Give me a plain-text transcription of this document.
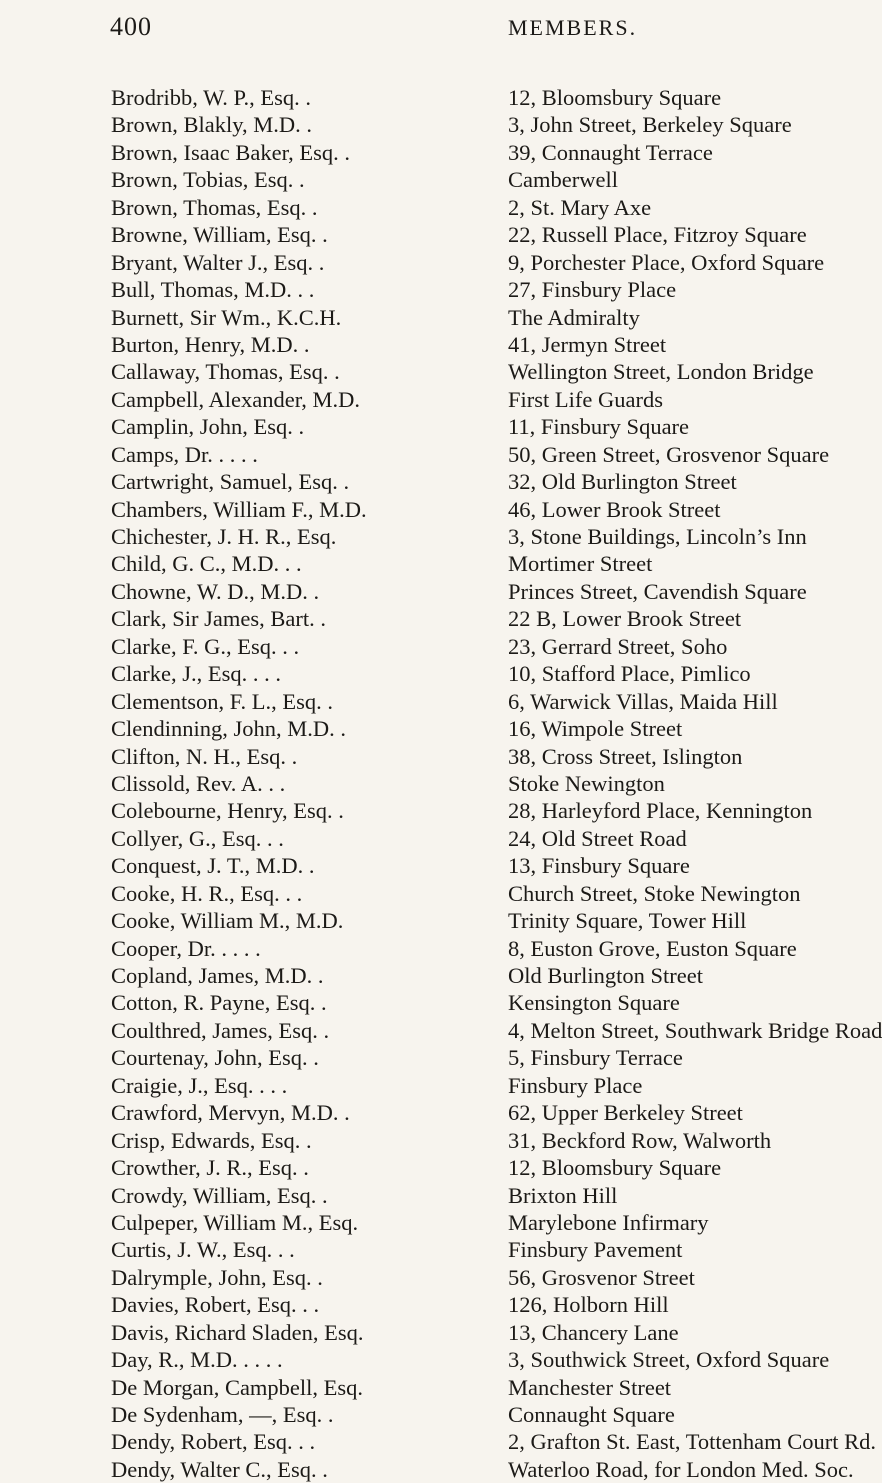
400	MEMBERS.
Brodribb, W. P., Esq. .	12, Bloomsbury Square
Brown, Blakly, M.D. .	3, John Street, Berkeley Square
Brown, Isaac Baker, Esq. .	39, Connaught Terrace
Brown, Tobias, Esq. .	Camberwell
Brown, Thomas, Esq. .	2, St. Mary Axe
Browne, William, Esq. .	22, Russell Place, Fitzroy Square
Bryant, Walter J., Esq. .	9, Porchester Place, Oxford Square
Bull, Thomas, M.D. . .	27, Finsbury Place
Burnett, Sir Wm., K.C.H.	The Admiralty
Burton, Henry, M.D. .	41, Jermyn Street
Callaway, Thomas, Esq. .	Wellington Street, London Bridge
Campbell, Alexander, M.D.	First Life Guards
Camplin, John, Esq. .	11, Finsbury Square
Camps, Dr. . . . .	50, Green Street, Grosvenor Square
Cartwright, Samuel, Esq. .	32, Old Burlington Street
Chambers, William F., M.D.	46, Lower Brook Street
Chichester, J. H. R., Esq.	3, Stone Buildings, Lincoln’s Inn
Child, G. C., M.D. . .	Mortimer Street
Chowne, W. D., M.D. .	Princes Street, Cavendish Square
Clark, Sir James, Bart. .	22 B, Lower Brook Street
Clarke, F. G., Esq. . .	23, Gerrard Street, Soho
Clarke, J., Esq. . . .	10, Stafford Place, Pimlico
Clementson, F. L., Esq. .	6, Warwick Villas, Maida Hill
Clendinning, John, M.D. .	16, Wimpole Street
Clifton, N. H., Esq. .	38, Cross Street, Islington
Clissold, Rev. A. . .	Stoke Newington
Colebourne, Henry, Esq. .	28, Harleyford Place, Kennington
Collyer, G., Esq. . .	24, Old Street Road
Conquest, J. T., M.D. .	13, Finsbury Square
Cooke, H. R., Esq. . .	Church Street, Stoke Newington
Cooke, William M., M.D.	Trinity Square, Tower Hill
Cooper, Dr. . . . .	8, Euston Grove, Euston Square
Copland, James, M.D. .	Old Burlington Street
Cotton, R. Payne, Esq. .	Kensington Square
Coulthred, James, Esq. .	4, Melton Street, Southwark Bridge Road
Courtenay, John, Esq. .	5, Finsbury Terrace
Craigie, J., Esq. . . .	Finsbury Place
Crawford, Mervyn, M.D. .	62, Upper Berkeley Street
Crisp, Edwards, Esq. .	31, Beckford Row, Walworth
Crowther, J. R., Esq. .	12, Bloomsbury Square
Crowdy, William, Esq. .	Brixton Hill
Culpeper, William M., Esq.	Marylebone Infirmary
Curtis, J. W., Esq. . .	Finsbury Pavement
Dalrymple, John, Esq. .	56, Grosvenor Street
Davies, Robert, Esq. . .	126, Holborn Hill
Davis, Richard Sladen, Esq.	13, Chancery Lane
Day, R., M.D. . . . .	3, Southwick Street, Oxford Square
De Morgan, Campbell, Esq.	Manchester Street
De Sydenham, —, Esq. .	Connaught Square
Dendy, Robert, Esq. . .	2, Grafton St. East, Tottenham Court Rd.
Dendy, Walter C., Esq. .	Waterloo Road, for London Med. Soc.
